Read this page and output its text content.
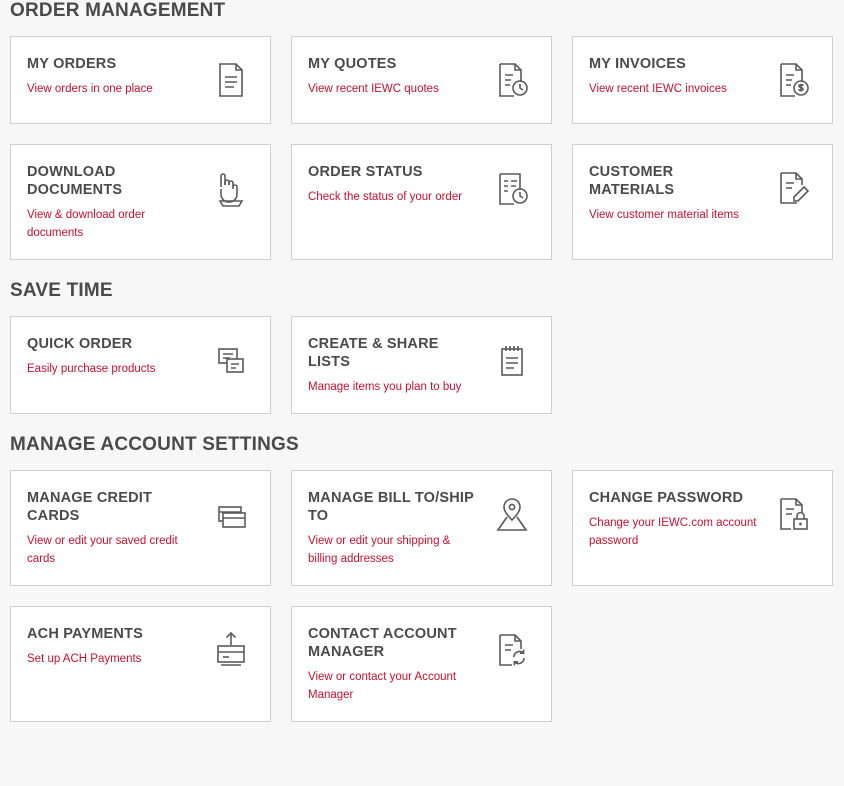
ORDER MANAGEMENT
MY ORDERS
View orders in one place
MY QUOTES
View recent IEWC quotes
MY INVOICES
View recent IEWC invoices
DOWNLOAD DOCUMENTS
View & download order documents
ORDER STATUS
Check the status of your order
CUSTOMER MATERIALS
View customer material items
SAVE TIME
QUICK ORDER
Easily purchase products
CREATE & SHARE LISTS
Manage items you plan to buy
MANAGE ACCOUNT SETTINGS
MANAGE CREDIT CARDS
View or edit your saved credit cards
MANAGE BILL TO/SHIP TO
View or edit your shipping & billing addresses
CHANGE PASSWORD
Change your IEWC.com account password
ACH PAYMENTS
Set up ACH Payments
CONTACT ACCOUNT MANAGER
View or contact your Account Manager
